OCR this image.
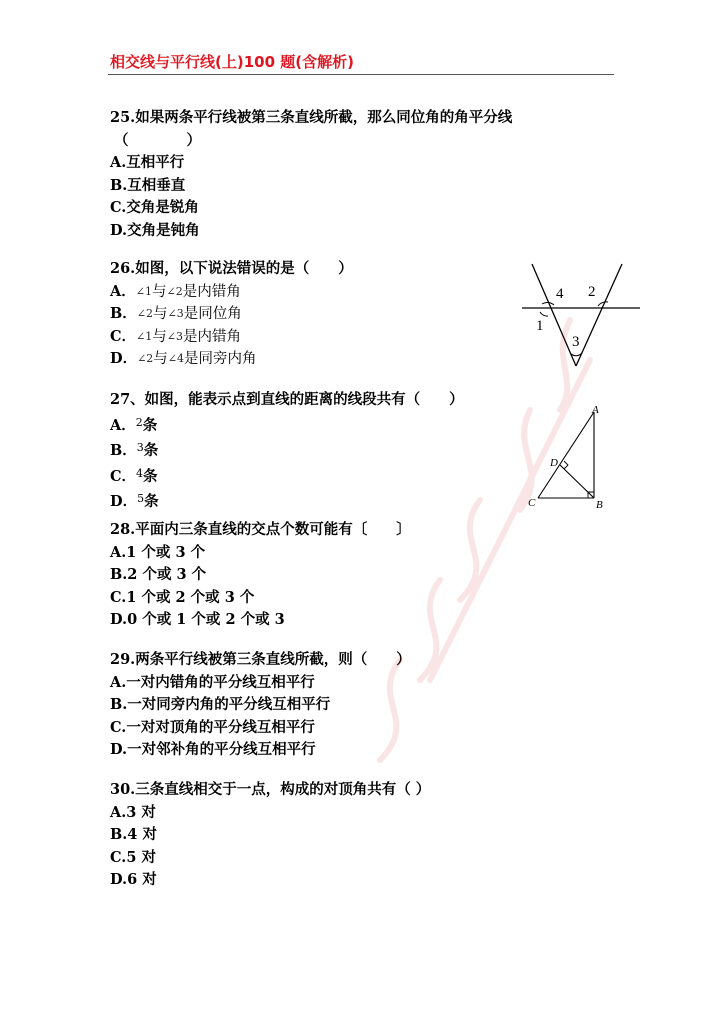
相交线与平行线(上)100 题(含解析)
25.如果两条平行线被第三条直线所截，那么同位角的角平分线
（　　　　）
A.互相平行
B.互相垂直
C.交角是锐角
D.交角是钝角
26.如图，以下说法错误的是（　　）
A．∠1与∠2是内错角
B．∠2与∠3是同位角
C．∠1与∠3是内错角
D．∠2与∠4是同旁内角
4 2
1
3
27、如图，能表示点到直线的距离的线段共有（　　）
A．$^2$条
B．$^3$条
C．$^4$条
D．$^5$条
A
D
C	B
28.平面内三条直线的交点个数可能有〔　　〕
A.1 个或 3 个
B.2 个或 3 个
C.1 个或 2 个或 3 个
D.0 个或 1 个或 2 个或 3
29.两条平行线被第三条直线所截，则（　　）
A.一对内错角的平分线互相平行
B.一对同旁内角的平分线互相平行
C.一对对顶角的平分线互相平行
D.一对邻补角的平分线互相平行
30.三条直线相交于一点，构成的对顶角共有（ ）
A.3 对
B.4 对
C.5 对
D.6 对
